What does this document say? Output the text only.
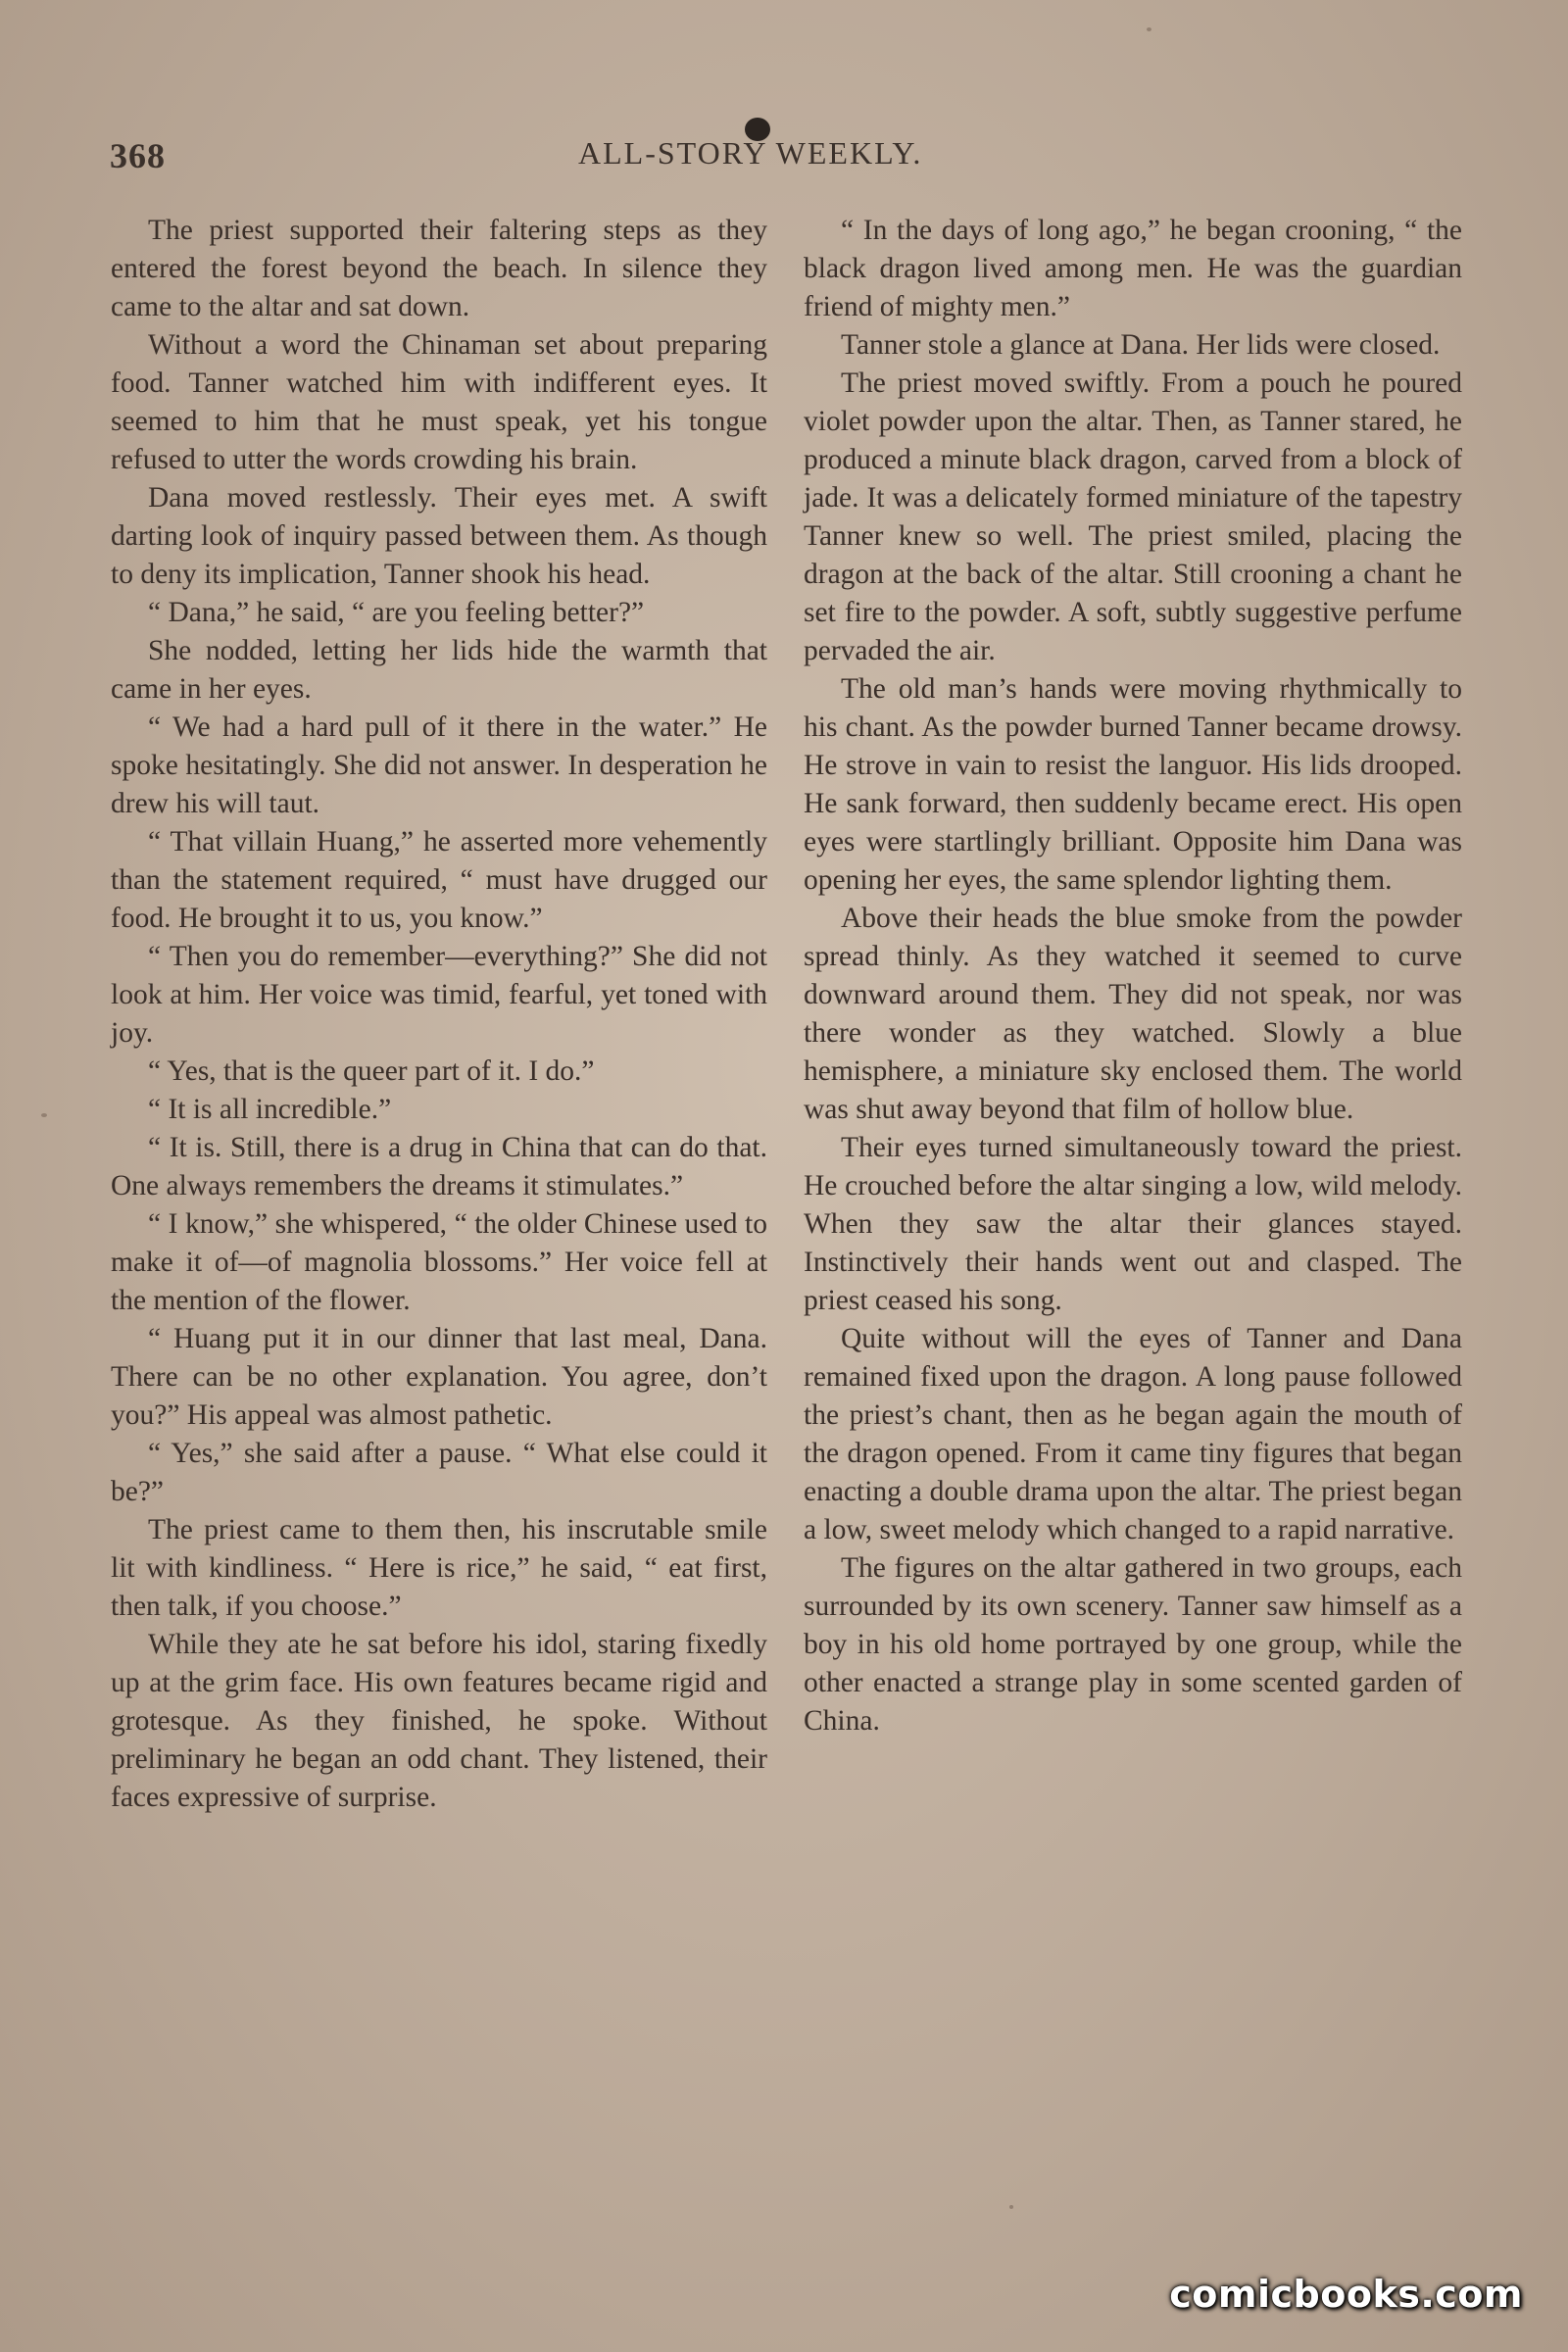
368	ALL-STORY WEEKLY.

The priest supported their faltering steps as they entered the forest beyond the beach. In silence they came to the altar and sat down.

Without a word the Chinaman set about preparing food. Tanner watched him with indifferent eyes. It seemed to him that he must speak, yet his tongue refused to utter the words crowding his brain.

Dana moved restlessly. Their eyes met. A swift darting look of inquiry passed between them. As though to deny its implication, Tanner shook his head.

“ Dana,” he said, “ are you feeling better?”

She nodded, letting her lids hide the warmth that came in her eyes.

“ We had a hard pull of it there in the water.” He spoke hesitatingly. She did not answer. In desperation he drew his will taut.

“ That villain Huang,” he asserted more vehemently than the statement required, “ must have drugged our food. He brought it to us, you know.”

“ Then you do remember—everything?” She did not look at him. Her voice was timid, fearful, yet toned with joy.

“ Yes, that is the queer part of it. I do.”

“ It is all incredible.”

“ It is. Still, there is a drug in China that can do that. One always remembers the dreams it stimulates.”

“ I know,” she whispered, “ the older Chinese used to make it of—of magnolia blossoms.” Her voice fell at the mention of the flower.

“ Huang put it in our dinner that last meal, Dana. There can be no other explanation. You agree, don’t you?” His appeal was almost pathetic.

“ Yes,” she said after a pause. “ What else could it be?”

The priest came to them then, his inscrutable smile lit with kindliness. “ Here is rice,” he said, “ eat first, then talk, if you choose.”

While they ate he sat before his idol, staring fixedly up at the grim face. His own features became rigid and grotesque. As they finished, he spoke. Without preliminary he began an odd chant. They listened, their faces expressive of surprise.

“ In the days of long ago,” he began crooning, “ the black dragon lived among men. He was the guardian friend of mighty men.”

Tanner stole a glance at Dana. Her lids were closed.

The priest moved swiftly. From a pouch he poured violet powder upon the altar. Then, as Tanner stared, he produced a minute black dragon, carved from a block of jade. It was a delicately formed miniature of the tapestry Tanner knew so well. The priest smiled, placing the dragon at the back of the altar. Still crooning a chant he set fire to the powder. A soft, subtly suggestive perfume pervaded the air.

The old man’s hands were moving rhythmically to his chant. As the powder burned Tanner became drowsy. He strove in vain to resist the languor. His lids drooped. He sank forward, then suddenly became erect. His open eyes were startlingly brilliant. Opposite him Dana was opening her eyes, the same splendor lighting them.

Above their heads the blue smoke from the powder spread thinly. As they watched it seemed to curve downward around them. They did not speak, nor was there wonder as they watched. Slowly a blue hemisphere, a miniature sky enclosed them. The world was shut away beyond that film of hollow blue.

Their eyes turned simultaneously toward the priest. He crouched before the altar singing a low, wild melody. When they saw the altar their glances stayed. Instinctively their hands went out and clasped. The priest ceased his song.

Quite without will the eyes of Tanner and Dana remained fixed upon the dragon. A long pause followed the priest’s chant, then as he began again the mouth of the dragon opened. From it came tiny figures that began enacting a double drama upon the altar. The priest began a low, sweet melody which changed to a rapid narrative.

The figures on the altar gathered in two groups, each surrounded by its own scenery. Tanner saw himself as a boy in his old home portrayed by one group, while the other enacted a strange play in some scented garden of China.

comicbooks.com
